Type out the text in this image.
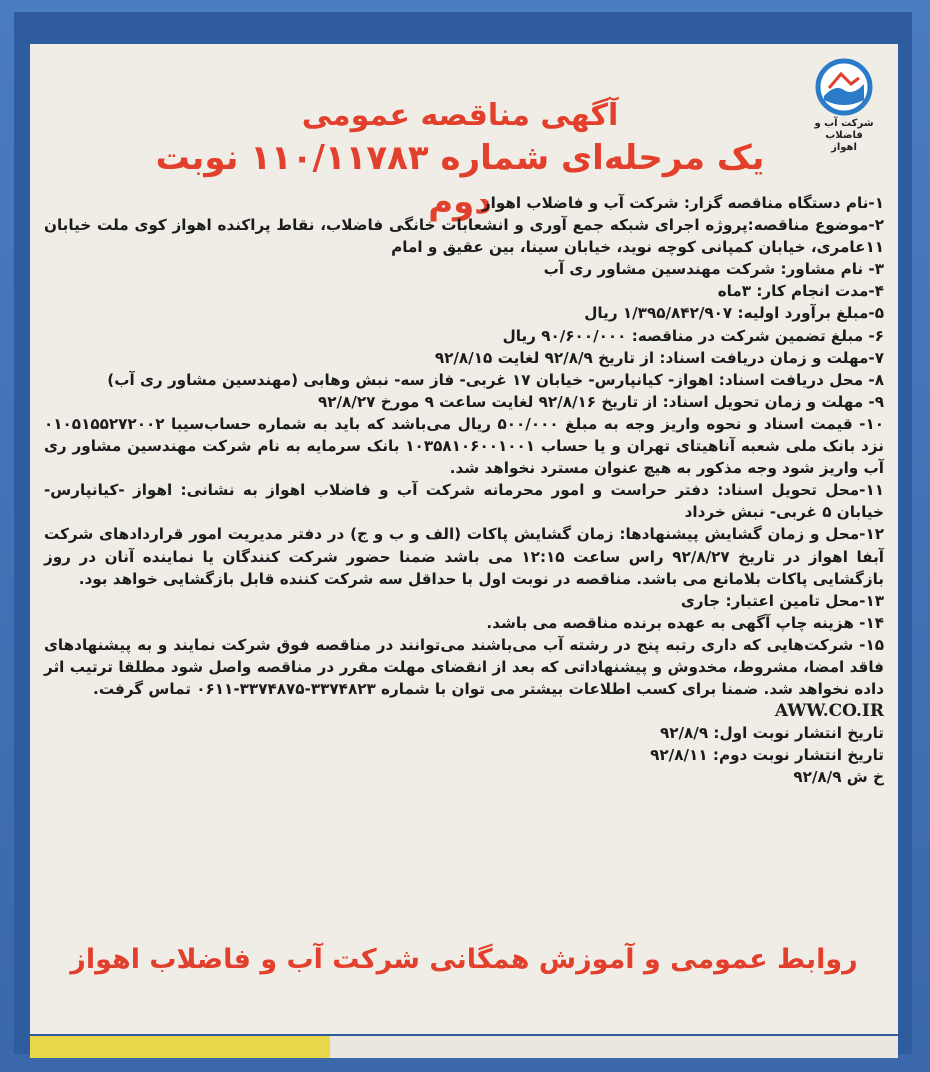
شرکت آب و فاضلاب
اهواز

آگهی مناقصه عمومی

یک مرحله‌ای شماره ۱۱۰/۱۱۷۸۳ نوبت دوم

۱-نام دستگاه مناقصه گزار: شرکت آب و فاضلاب اهواز

۲-موضوع مناقصه:پروژه اجرای شبکه جمع آوری و انشعابات خانگی فاضلاب، نقاط پراکنده اهواز کوی ملت خیابان ۱۱عامری، خیابان کمپانی کوچه نوید، خیابان سینا، بین عقیق و امام

۳- نام مشاور: شرکت مهندسین مشاور ری آب

۴-مدت انجام کار: ۳ماه

۵-مبلغ برآورد اولیه: ۱/۳۹۵/۸۴۲/۹۰۷ ریال

۶- مبلغ تضمین شرکت در مناقصه: ۹۰/۶۰۰/۰۰۰ ریال

۷-مهلت و زمان دریافت اسناد: از تاریخ ۹۲/۸/۹ لغایت ۹۲/۸/۱۵

۸- محل دریافت اسناد: اهواز- کیانپارس- خیابان ۱۷ غربی- فاز سه- نبش وهابی (مهندسین مشاور ری آب)

۹- مهلت و زمان تحویل اسناد: از تاریخ ۹۲/۸/۱۶ لغایت ساعت ۹ مورخ ۹۲/۸/۲۷

۱۰- قیمت اسناد و نحوه واریز وجه به مبلغ ۵۰۰/۰۰۰ ریال می‌باشد که باید به شماره حساب‌سیبا ۰۱۰۵۱۵۵۲۷۲۰۰۲ نزد بانک ملی شعبه آناهیتای تهران و یا حساب ۱۰۳۵۸۱۰۶۰۰۱۰۰۱ بانک سرمایه به نام شرکت مهندسین مشاور ری آب واریز شود وجه مذکور به هیچ عنوان مسترد نخواهد شد.

۱۱-محل تحویل اسناد: دفتر حراست و امور محرمانه شرکت آب و فاضلاب اهواز به نشانی: اهواز -کیانپارس- خیابان ۵ غربی- نبش خرداد

۱۲-محل و زمان گشایش پیشنهادها: زمان گشایش پاکات (الف و ب و ج) در دفتر مدیریت امور قراردادهای شرکت آبفا اهواز در تاریخ ۹۲/۸/۲۷ راس ساعت ۱۲:۱۵ می باشد ضمنا حضور شرکت کنندگان یا نماینده آنان در روز بازگشایی پاکات بلامانع می باشد. مناقصه در نوبت اول با حداقل سه شرکت کننده قابل بازگشایی خواهد بود.

۱۳-محل تامین اعتبار: جاری

۱۴- هزینه چاپ آگهی به عهده برنده مناقصه می باشد.

۱۵- شرکت‌هایی که داری رتبه پنج در رشته آب می‌باشند می‌توانند در مناقصه فوق شرکت نمایند و به پیشنهادهای فاقد امضا، مشروط، مخدوش و پیشنهاداتی که بعد از انقضای مهلت مقرر در مناقصه واصل شود مطلقا ترتیب اثر داده نخواهد شد. ضمنا برای کسب اطلاعات بیشتر می توان با شماره ۳۳۷۴۸۲۳-۳۳۷۴۸۷۵-۰۶۱۱ تماس گرفت.

AWW.CO.IR

تاریخ انتشار نوبت اول: ۹۲/۸/۹

تاریخ انتشار نوبت دوم: ۹۲/۸/۱۱

خ ش ۹۲/۸/۹

روابط عمومی و آموزش همگانی شرکت آب و فاضلاب اهواز
